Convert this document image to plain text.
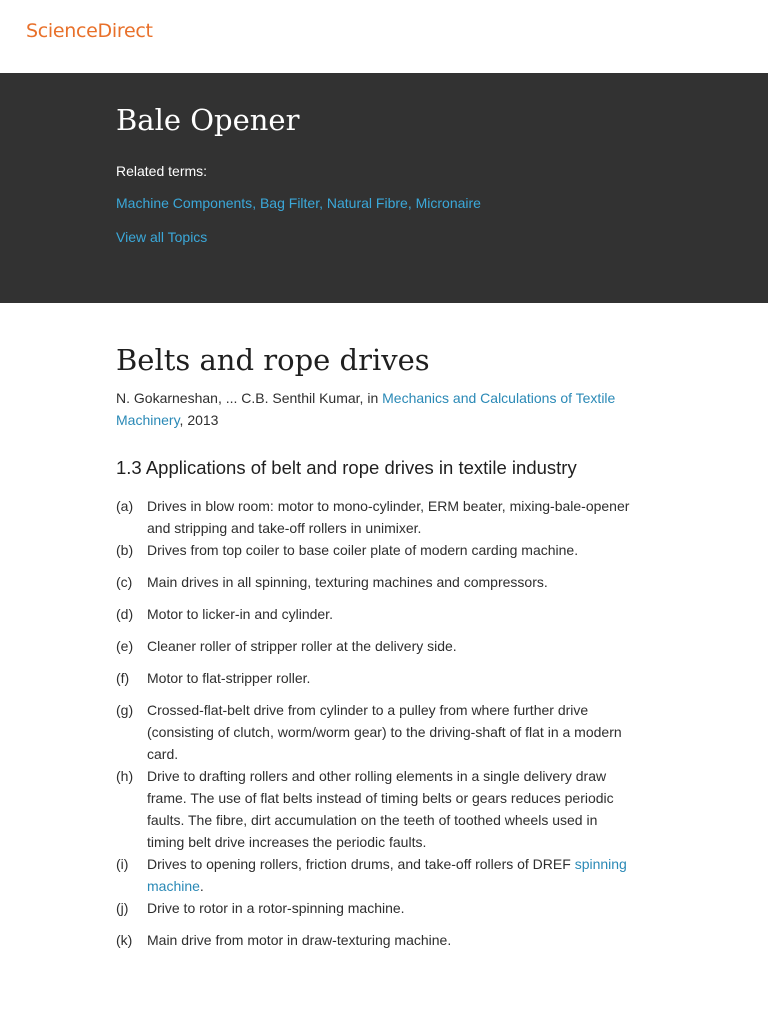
ScienceDirect
Bale Opener
Related terms:
Machine Components, Bag Filter, Natural Fibre, Micronaire
View all Topics
Belts and rope drives
N. Gokarneshan, ... C.B. Senthil Kumar, in Mechanics and Calculations of Textile Machinery, 2013
1.3 Applications of belt and rope drives in textile industry
(a) Drives in blow room: motor to mono-cylinder, ERM beater, mixing-bale-opener and stripping and take-off rollers in unimixer.
(b) Drives from top coiler to base coiler plate of modern carding machine.
(c) Main drives in all spinning, texturing machines and compressors.
(d) Motor to licker-in and cylinder.
(e) Cleaner roller of stripper roller at the delivery side.
(f) Motor to flat-stripper roller.
(g) Crossed-flat-belt drive from cylinder to a pulley from where further drive (consisting of clutch, worm/worm gear) to the driving-shaft of flat in a modern card.
(h) Drive to drafting rollers and other rolling elements in a single delivery draw frame. The use of flat belts instead of timing belts or gears reduces periodic faults. The fibre, dirt accumulation on the teeth of toothed wheels used in timing belt drive increases the periodic faults.
(i) Drives to opening rollers, friction drums, and take-off rollers of DREF spinning machine.
(j) Drive to rotor in a rotor-spinning machine.
(k) Main drive from motor in draw-texturing machine.
